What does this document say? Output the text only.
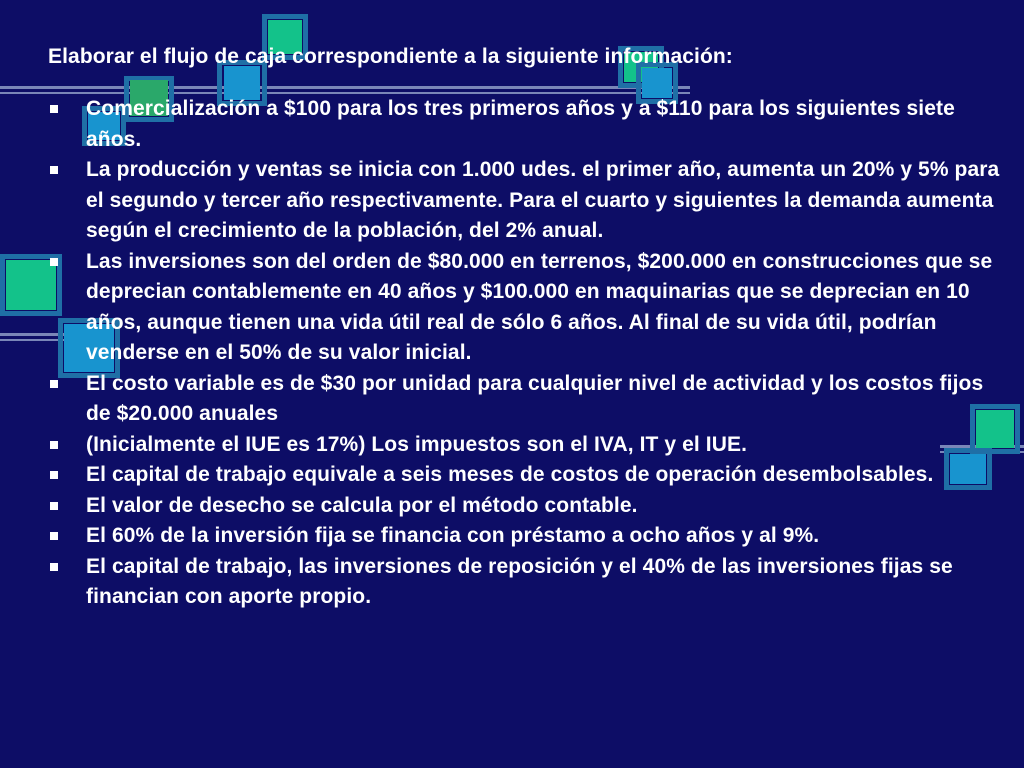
Elaborar el flujo de caja correspondiente a la siguiente información:
Comercialización a $100 para los tres primeros años y a $110 para los siguientes siete años.
La producción y ventas se inicia con 1.000 udes. el primer año, aumenta un 20% y 5% para el segundo y tercer año respectivamente. Para el cuarto y siguientes la demanda aumenta según el crecimiento de la población, del 2% anual.
Las inversiones son del orden de $80.000 en terrenos, $200.000 en construcciones que se deprecian contablemente en 40 años y $100.000 en maquinarias que se deprecian en 10 años, aunque tienen una vida útil real de sólo 6 años. Al final de su vida útil, podrían venderse en el 50% de su valor inicial.
El costo variable es de $30 por unidad para cualquier nivel de actividad y los costos fijos de $20.000 anuales
(Inicialmente el IUE es 17%) Los impuestos son el IVA, IT y el IUE.
El capital de trabajo equivale a seis meses de costos de operación desembolsables.
El valor de desecho se calcula por el método contable.
El 60% de la inversión fija se financia con préstamo a ocho años y al 9%.
El capital de trabajo, las inversiones de reposición y el 40% de las inversiones fijas se financian con aporte propio.
